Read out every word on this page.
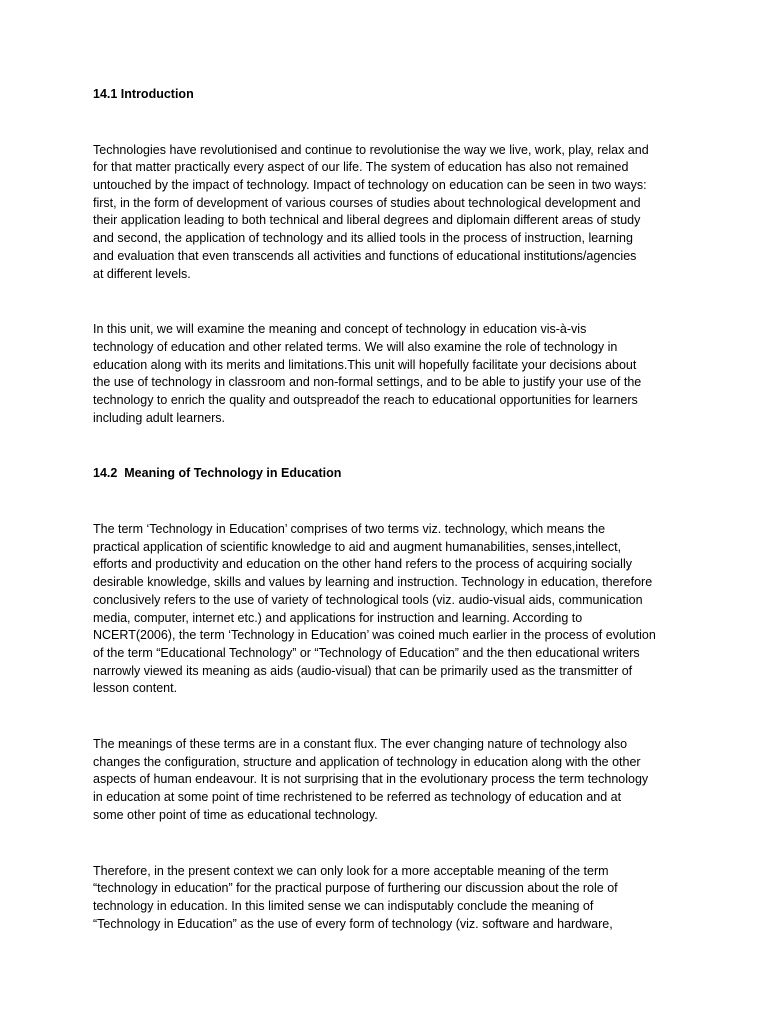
14.1 Introduction

Technologies have revolutionised and continue to revolutionise the way we live, work, play, relax and
for that matter practically every aspect of our life. The system of education has also not remained
untouched by the impact of technology. Impact of technology on education can be seen in two ways:
first, in the form of development of various courses of studies about technological development and
their application leading to both technical and liberal degrees and diplomain different areas of study
and second, the application of technology and its allied tools in the process of instruction, learning
and evaluation that even transcends all activities and functions of educational institutions/agencies
at different levels.

In this unit, we will examine the meaning and concept of technology in education vis-à-vis
technology of education and other related terms. We will also examine the role of technology in
education along with its merits and limitations.This unit will hopefully facilitate your decisions about
the use of technology in classroom and non-formal settings, and to be able to justify your use of the
technology to enrich the quality and outspreadof the reach to educational opportunities for learners
including adult learners.

14.2  Meaning of Technology in Education

The term ‘Technology in Education’ comprises of two terms viz. technology, which means the
practical application of scientific knowledge to aid and augment humanabilities, senses,intellect,
efforts and productivity and education on the other hand refers to the process of acquiring socially
desirable knowledge, skills and values by learning and instruction. Technology in education, therefore
conclusively refers to the use of variety of technological tools (viz. audio-visual aids, communication
media, computer, internet etc.) and applications for instruction and learning. According to
NCERT(2006), the term ‘Technology in Education’ was coined much earlier in the process of evolution
of the term “Educational Technology” or “Technology of Education” and the then educational writers
narrowly viewed its meaning as aids (audio-visual) that can be primarily used as the transmitter of
lesson content.

The meanings of these terms are in a constant flux. The ever changing nature of technology also
changes the configuration, structure and application of technology in education along with the other
aspects of human endeavour. It is not surprising that in the evolutionary process the term technology
in education at some point of time rechristened to be referred as technology of education and at
some other point of time as educational technology.

Therefore, in the present context we can only look for a more acceptable meaning of the term
“technology in education” for the practical purpose of furthering our discussion about the role of
technology in education. In this limited sense we can indisputably conclude the meaning of
“Technology in Education” as the use of every form of technology (viz. software and hardware,
